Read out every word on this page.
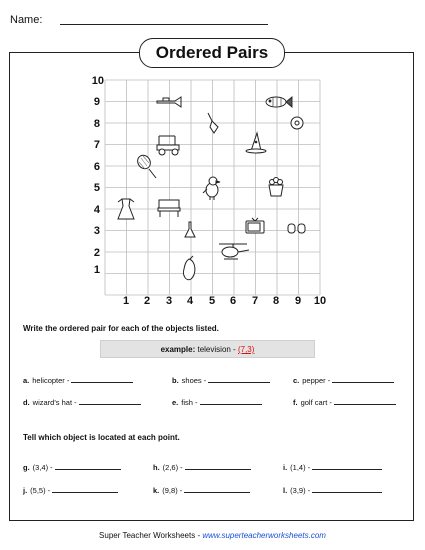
Name:
Ordered Pairs
10
9
8
7
6
5
4
3
2
1
1	2	3	4	5	6	7	8	9	10
Write the ordered pair for each of the objects listed.
example: television - (7,3)
a. helicopter -	b. shoes -	c. pepper -
d. wizard's hat -	e. fish -	f. golf cart -
Tell which object is located at each point.
g. (3,4) -	h. (2,6) -	i. (1,4) -
j. (5,5) -	k. (9,8) -	l. (3,9) -
Super Teacher Worksheets - www.superteacherworksheets.com
